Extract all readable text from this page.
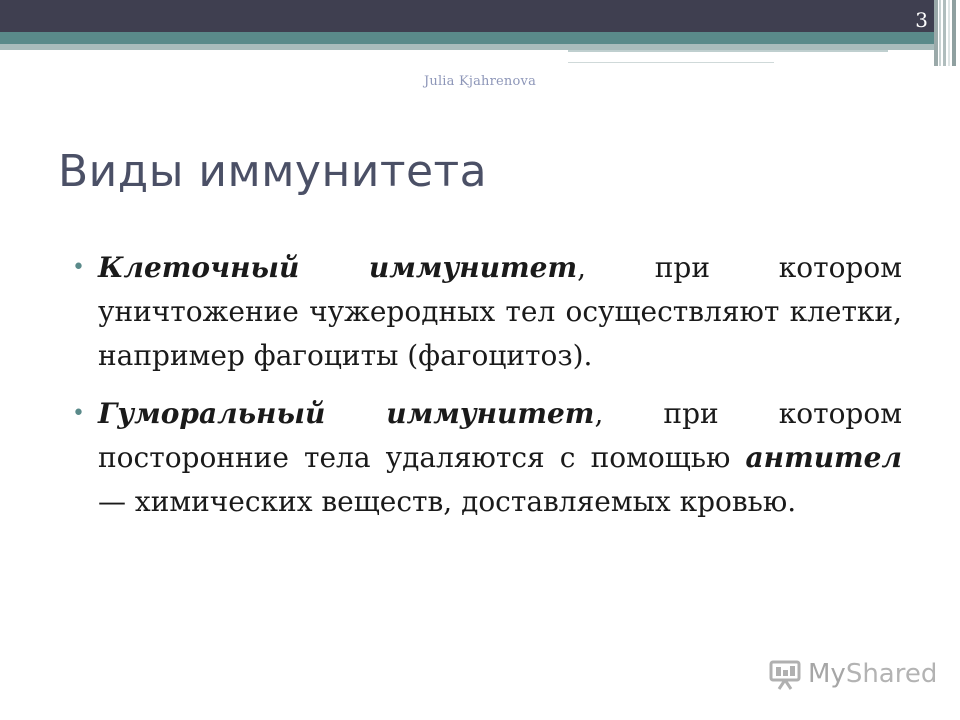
3
Julia Kjahrenova
Виды иммунитета
• Клеточный иммунитет, при котором уничтожение чужеродных тел осуществляют клетки, например фагоциты (фагоцитоз).
• Гуморальный иммунитет, при котором посторонние тела удаляются с помощью антител — химических веществ, доставляемых кровью.
MyShared
